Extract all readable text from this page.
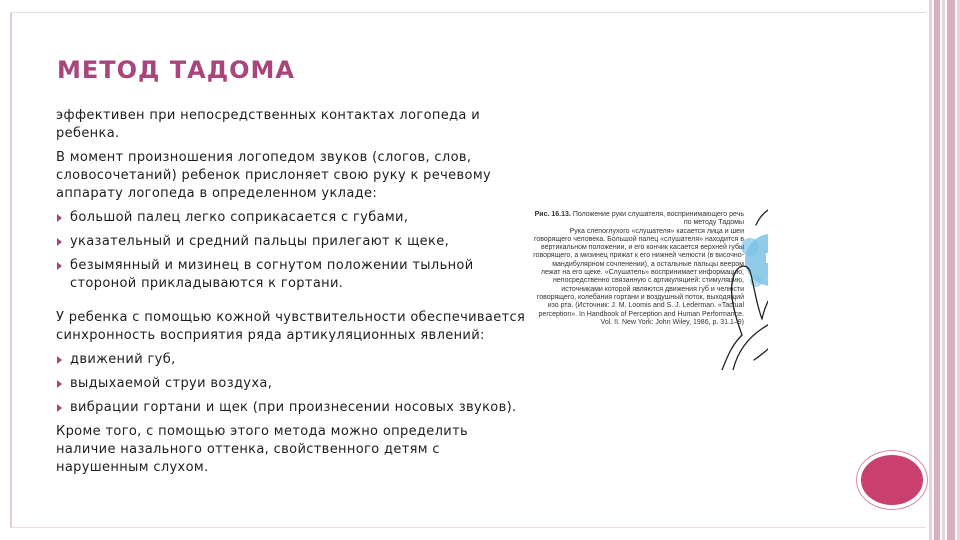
МЕТОД ТАДОМА

эффективен при непосредственных контактах логопеда и ребенка.

В момент произношения логопедом звуков (слогов, слов, словосочетаний) ребенок прислоняет свою руку к речевому аппарату логопеда в определенном укладе:

большой палец легко соприкасается с губами,
указательный и средний пальцы прилегают к щеке,
безымянный и мизинец в согнутом положении тыльной стороной прикладываются к гортани.

У ребенка с помощью кожной чувствительности обеспечивается синхронность восприятия ряда артикуляционных явлений:

движений губ,
выдыхаемой струи воздуха,
вибрации гортани и щек (при произнесении носовых звуков).

Кроме того, с помощью этого метода можно определить наличие назального оттенка, свойственного детям с нарушенным слухом.

Рис. 16.13. Положение руки слушателя, воспринимающего речь по методу Тадомы
Рука слепоглухого «слушателя» касается лица и шеи говорящего человека. Большой палец «слушателя» находится в вертикальном положении, и его кончик касается верхней губы говорящего, а мизинец прижат к его нижней челюсти (в височно-мандибулярном сочленении), а остальные пальцы веером лежат на его щеке. «Слушатель» воспринимает информацию, непосредственно связанную с артикуляцией: стимуляцию, источниками которой являются движения губ и челюсти говорящего, колебания гортани и воздушный поток, выходящий изо рта. (Источник: J. M. Loomis and S. J. Lederman. «Tactual perception». In Handbook of Perception and Human Performance. Vol. II. New York: John Wiley, 1986, p. 31.1–9)
РФ
